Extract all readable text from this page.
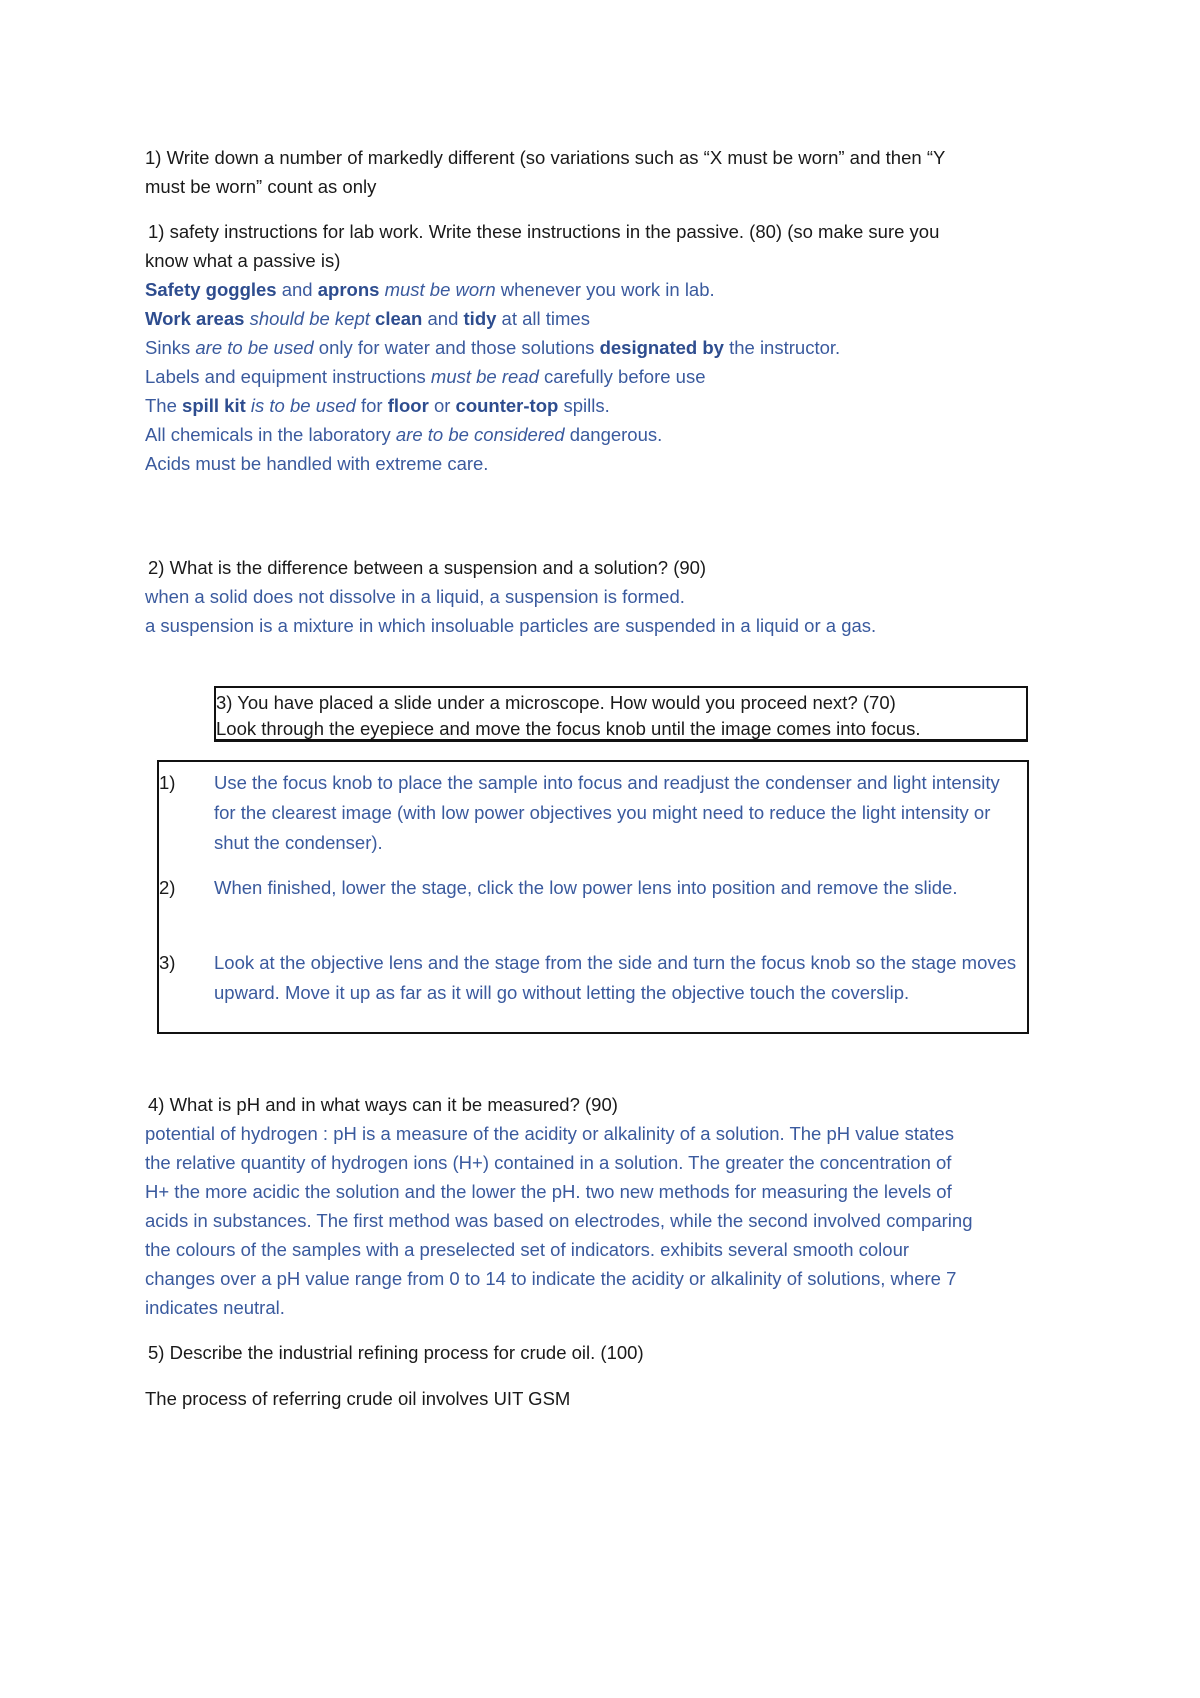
1) Write down a number of markedly different (so variations such as “X must be worn” and then “Y

must be worn” count as only

1) safety instructions for lab work. Write these instructions in the passive. (80) (so make sure you

know what a passive is)

Safety goggles and aprons must be worn whenever you work in lab.

Work areas should be kept clean and tidy at all times

Sinks are to be used only for water and those solutions designated by the instructor.

Labels and equipment instructions must be read carefully before use

The spill kit is to be used for floor or counter-top spills.

All chemicals in the laboratory are to be considered dangerous.

Acids must be handled with extreme care.

2) What is the difference between a suspension and a solution? (90)

when a solid does not dissolve in a liquid, a suspension is formed.

a suspension is a mixture in which insoluable particles are suspended in a liquid or a gas.

3) You have placed a slide under a microscope. How would you proceed next? (70)
Look through the eyepiece and move the focus knob until the image comes into focus.
1)	Use the focus knob to place the sample into focus and readjust the condenser and light intensity for the clearest image (with low power objectives you might need to reduce the light intensity or shut the condenser).
2)	When finished, lower the stage, click the low power lens into position and remove the slide.
3)	Look at the objective lens and the stage from the side and turn the focus knob so the stage moves upward. Move it up as far as it will go without letting the objective touch the coverslip.

4) What is pH and in what ways can it be measured? (90)

potential of hydrogen : pH is a measure of the acidity or alkalinity of a solution. The pH value states

the relative quantity of hydrogen ions (H+) contained in a solution. The greater the concentration of

H+ the more acidic the solution and the lower the pH. two new methods for measuring the levels of

acids in substances. The first method was based on electrodes, while the second involved comparing

the colours of the samples with a preselected set of indicators. exhibits several smooth colour

changes over a pH value range from 0 to 14 to indicate the acidity or alkalinity of solutions, where 7

indicates neutral.

5) Describe the industrial refining process for crude oil. (100)

The process of referring crude oil involves UIT GSM
